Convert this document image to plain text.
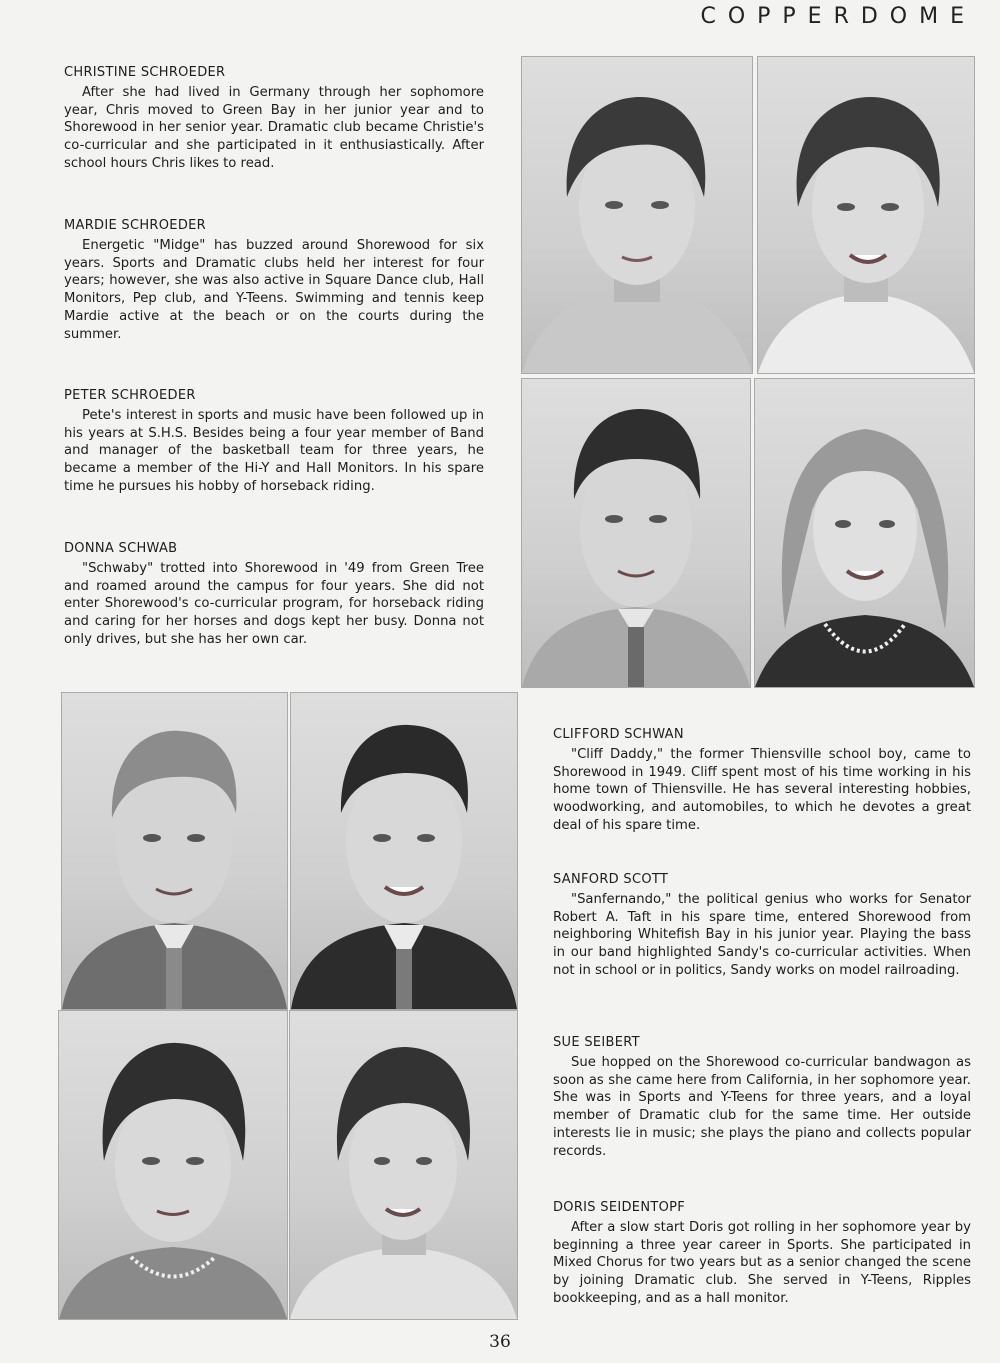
COPPERDOME
CHRISTINE SCHROEDER
After she had lived in Germany through her sophomore year, Chris moved to Green Bay in her junior year and to Shorewood in her senior year. Dramatic club became Christie's co-curricular and she participated in it enthusiastically. After school hours Chris likes to read.
MARDIE SCHROEDER
Energetic "Midge" has buzzed around Shorewood for six years. Sports and Dramatic clubs held her interest for four years; however, she was also active in Square Dance club, Hall Monitors, Pep club, and Y-Teens. Swimming and tennis keep Mardie active at the beach or on the courts during the summer.
PETER SCHROEDER
Pete's interest in sports and music have been followed up in his years at S.H.S. Besides being a four year member of Band and manager of the basketball team for three years, he became a member of the Hi-Y and Hall Monitors. In his spare time he pursues his hobby of horseback riding.
DONNA SCHWAB
"Schwaby" trotted into Shorewood in '49 from Green Tree and roamed around the campus for four years. She did not enter Shorewood's co-curricular program, for horseback riding and caring for her horses and dogs kept her busy. Donna not only drives, but she has her own car.
CLIFFORD SCHWAN
"Cliff Daddy," the former Thiensville school boy, came to Shorewood in 1949. Cliff spent most of his time working in his home town of Thiensville. He has several interesting hobbies, woodworking, and automobiles, to which he devotes a great deal of his spare time.
SANFORD SCOTT
"Sanfernando," the political genius who works for Senator Robert A. Taft in his spare time, entered Shorewood from neighboring Whitefish Bay in his junior year. Playing the bass in our band highlighted Sandy's co-curricular activities. When not in school or in politics, Sandy works on model railroading.
SUE SEIBERT
Sue hopped on the Shorewood co-curricular bandwagon as soon as she came here from California, in her sophomore year. She was in Sports and Y-Teens for three years, and a loyal member of Dramatic club for the same time. Her outside interests lie in music; she plays the piano and collects popular records.
DORIS SEIDENTOPF
After a slow start Doris got rolling in her sophomore year by beginning a three year career in Sports. She participated in Mixed Chorus for two years but as a senior changed the scene by joining Dramatic club. She served in Y-Teens, Ripples bookkeeping, and as a hall monitor.
36
